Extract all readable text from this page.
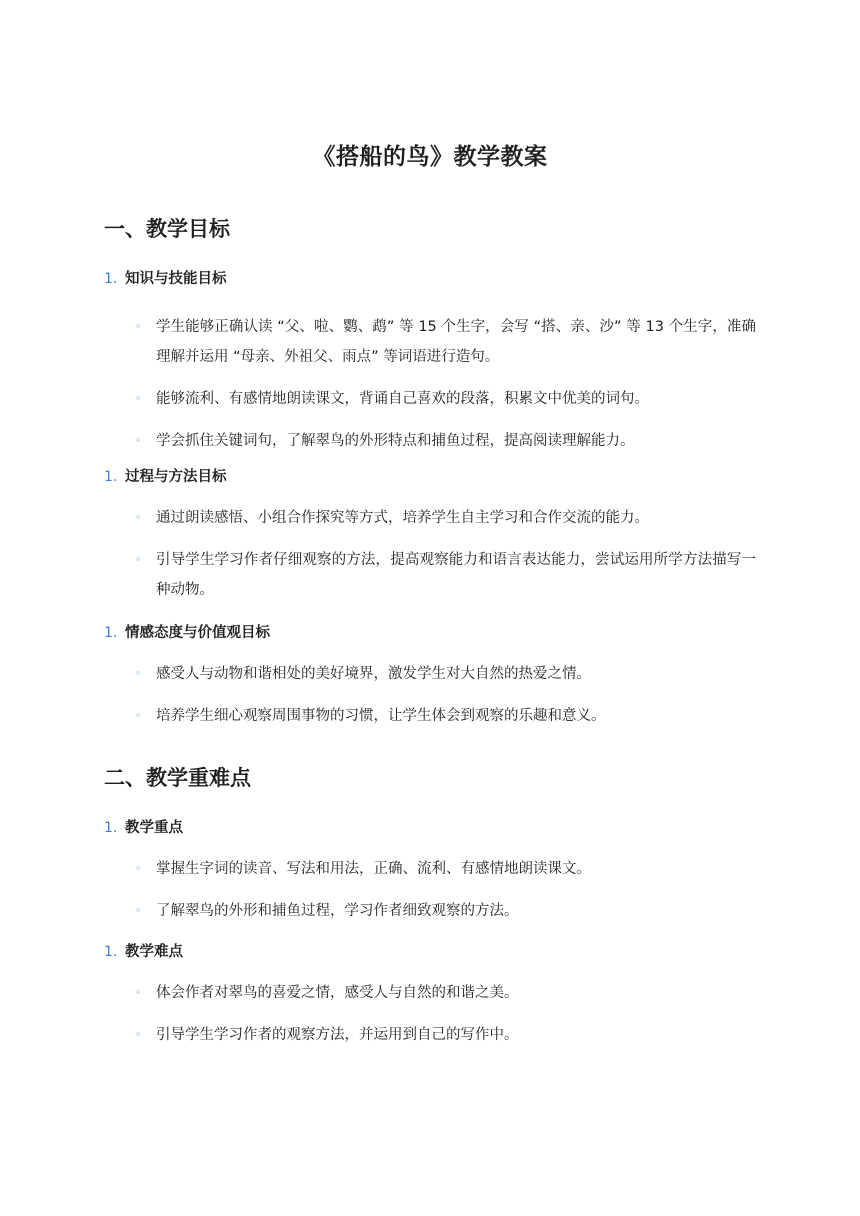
《搭船的鸟》教学教案
一、教学目标
1. 知识与技能目标
◦ 学生能够正确认读 “父、啦、鹦、鹉” 等 15 个生字，会写 “搭、亲、沙” 等 13 个生字，准确理解并运用 “母亲、外祖父、雨点” 等词语进行造句。
◦ 能够流利、有感情地朗读课文，背诵自己喜欢的段落，积累文中优美的词句。
◦ 学会抓住关键词句，了解翠鸟的外形特点和捕鱼过程，提高阅读理解能力。
1. 过程与方法目标
◦ 通过朗读感悟、小组合作探究等方式，培养学生自主学习和合作交流的能力。
◦ 引导学生学习作者仔细观察的方法，提高观察能力和语言表达能力，尝试运用所学方法描写一种动物。
1. 情感态度与价值观目标
◦ 感受人与动物和谐相处的美好境界，激发学生对大自然的热爱之情。
◦ 培养学生细心观察周围事物的习惯，让学生体会到观察的乐趣和意义。
二、教学重难点
1. 教学重点
◦ 掌握生字词的读音、写法和用法，正确、流利、有感情地朗读课文。
◦ 了解翠鸟的外形和捕鱼过程，学习作者细致观察的方法。
1. 教学难点
◦ 体会作者对翠鸟的喜爱之情，感受人与自然的和谐之美。
◦ 引导学生学习作者的观察方法，并运用到自己的写作中。
